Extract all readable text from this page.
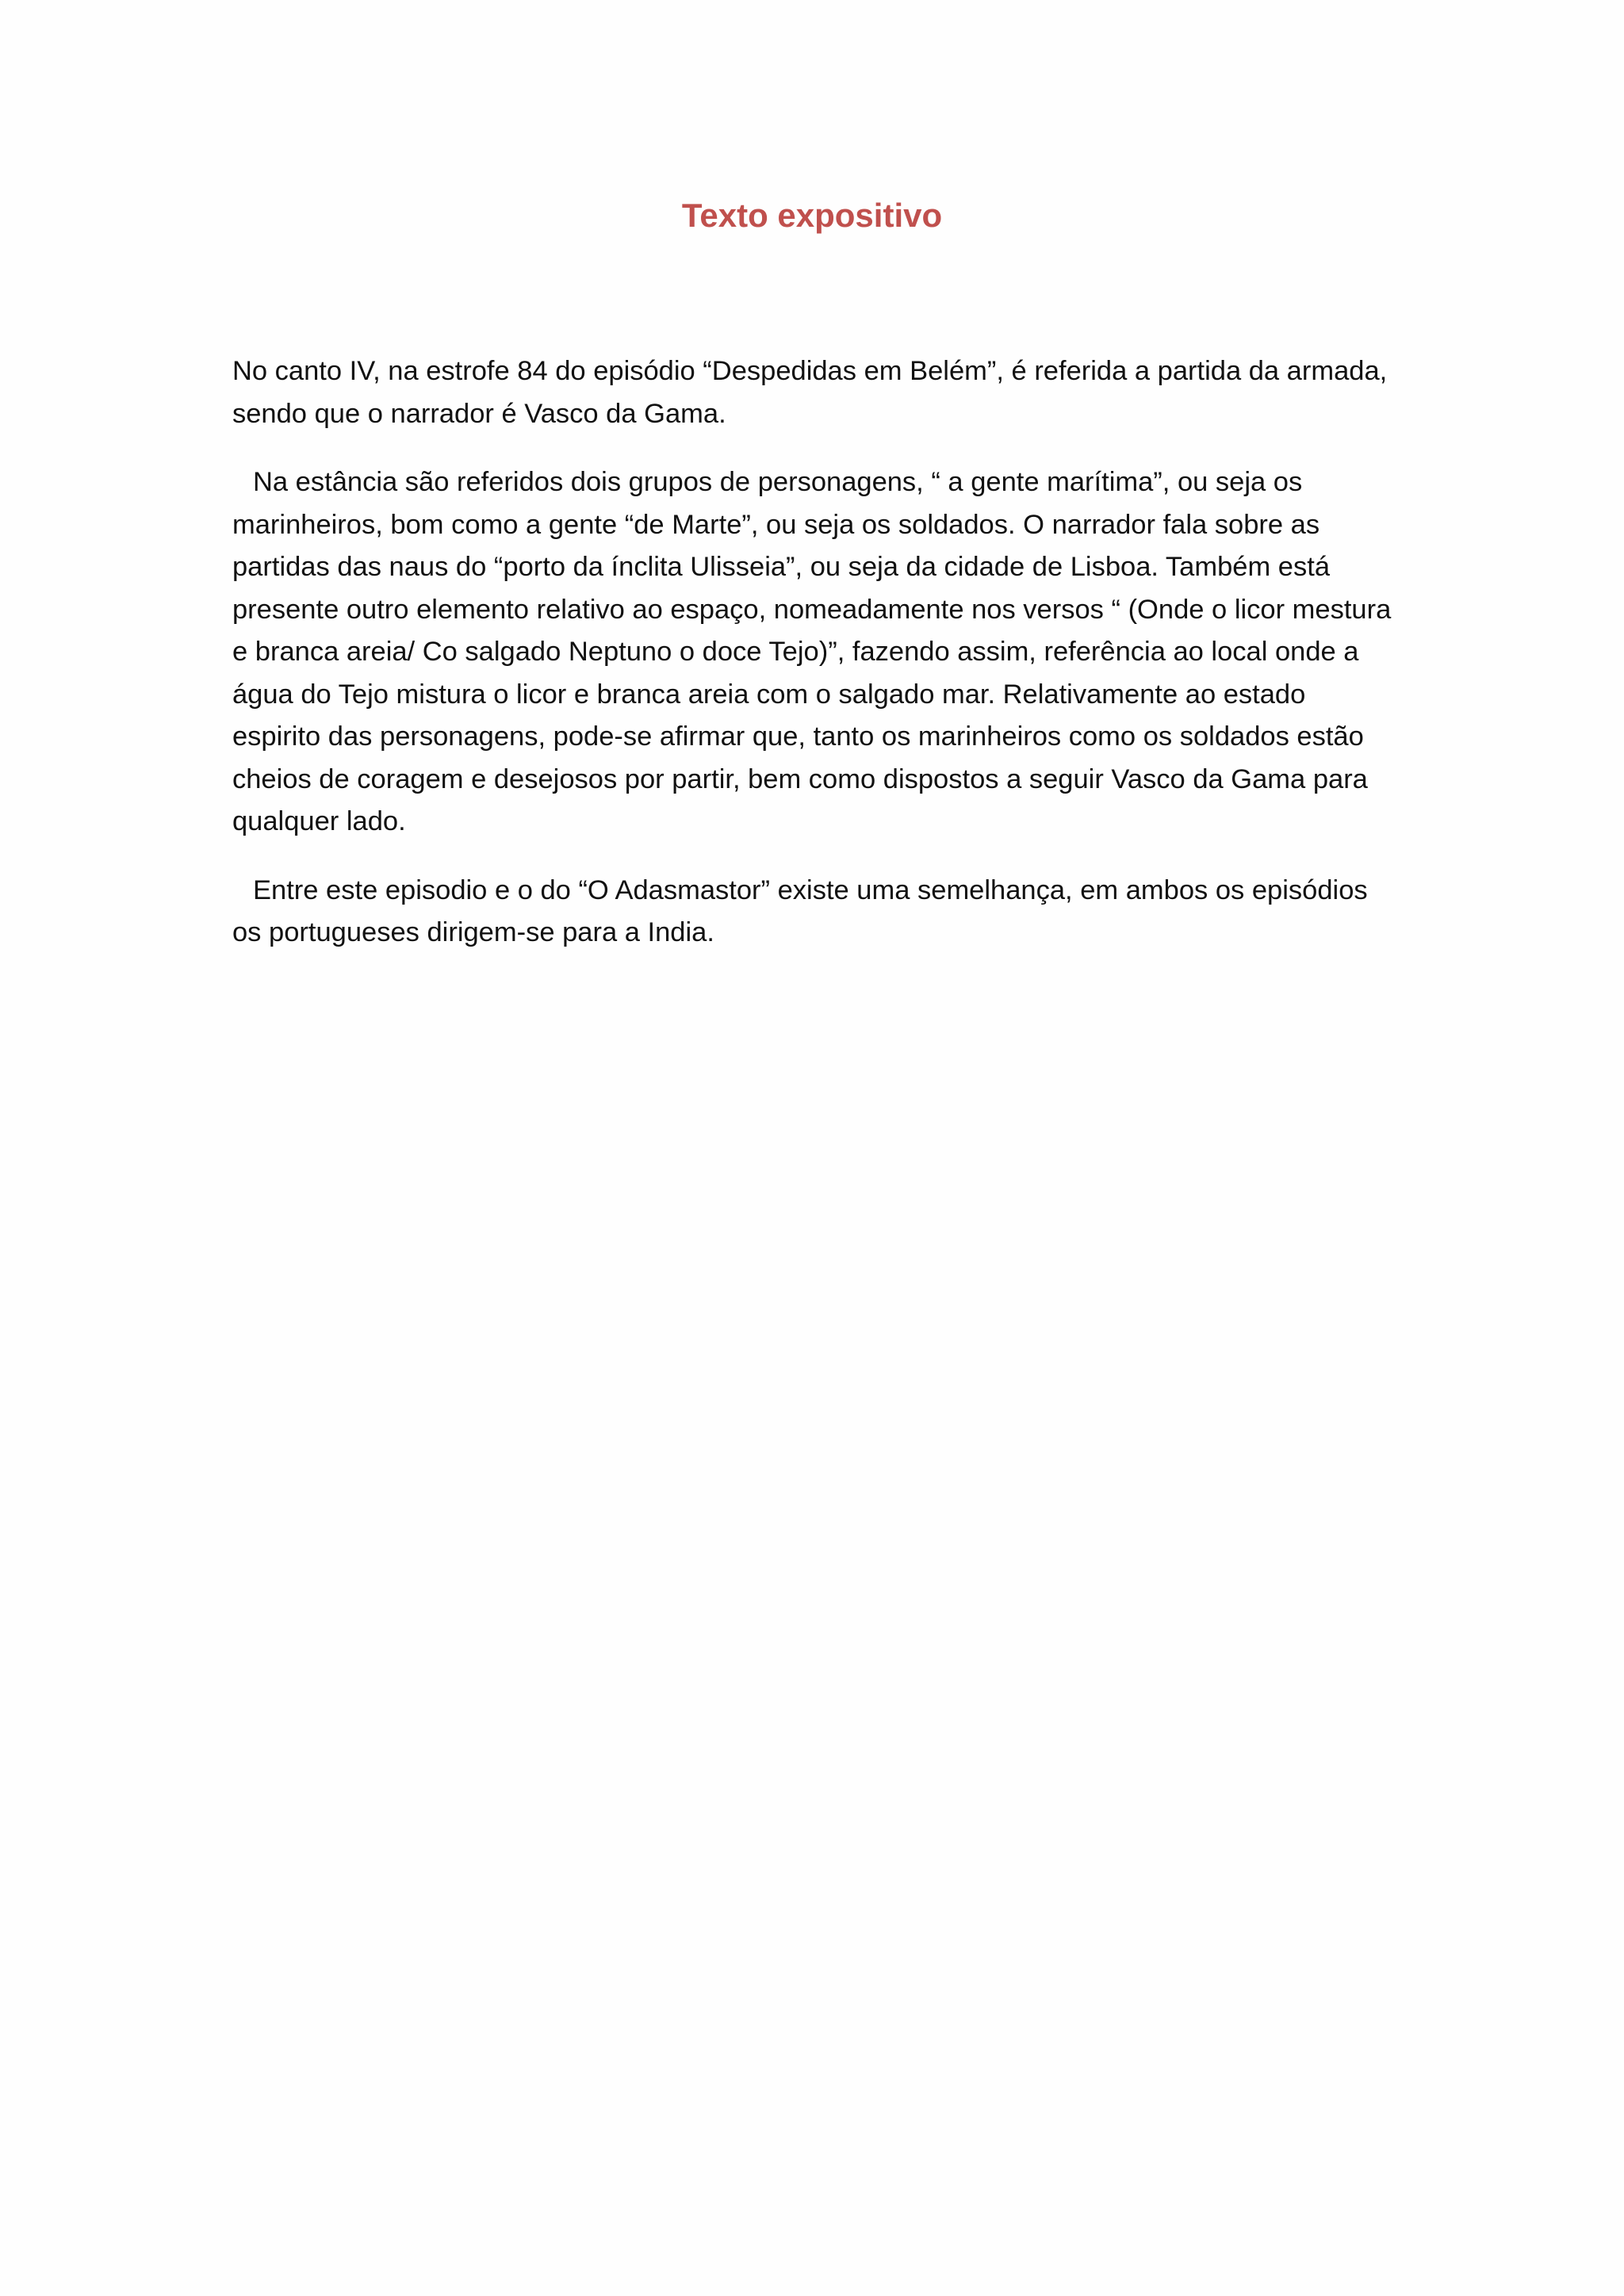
Texto expositivo

No canto IV, na estrofe 84 do episódio “Despedidas em Belém”, é referida a partida da armada, sendo que o narrador é Vasco da Gama.

Na estância são referidos dois grupos de personagens, “ a gente marítima”, ou seja os marinheiros, bom como a gente “de Marte”, ou seja os soldados. O narrador fala sobre as partidas das naus do “porto da ínclita Ulisseia”, ou seja da cidade de Lisboa. Também está presente outro elemento relativo ao espaço, nomeadamente nos versos “ (Onde o licor mestura e branca areia/ Co salgado Neptuno o doce Tejo)”, fazendo assim, referência ao local onde a água do Tejo mistura o licor e branca areia com o salgado mar. Relativamente ao estado espirito das personagens, pode-se afirmar que, tanto os marinheiros como os soldados estão cheios de coragem e desejosos por partir, bem como dispostos a seguir Vasco da Gama para qualquer lado.

Entre este episodio e o do “O Adasmastor” existe uma semelhança, em ambos os episódios os portugueses dirigem-se para a India.
